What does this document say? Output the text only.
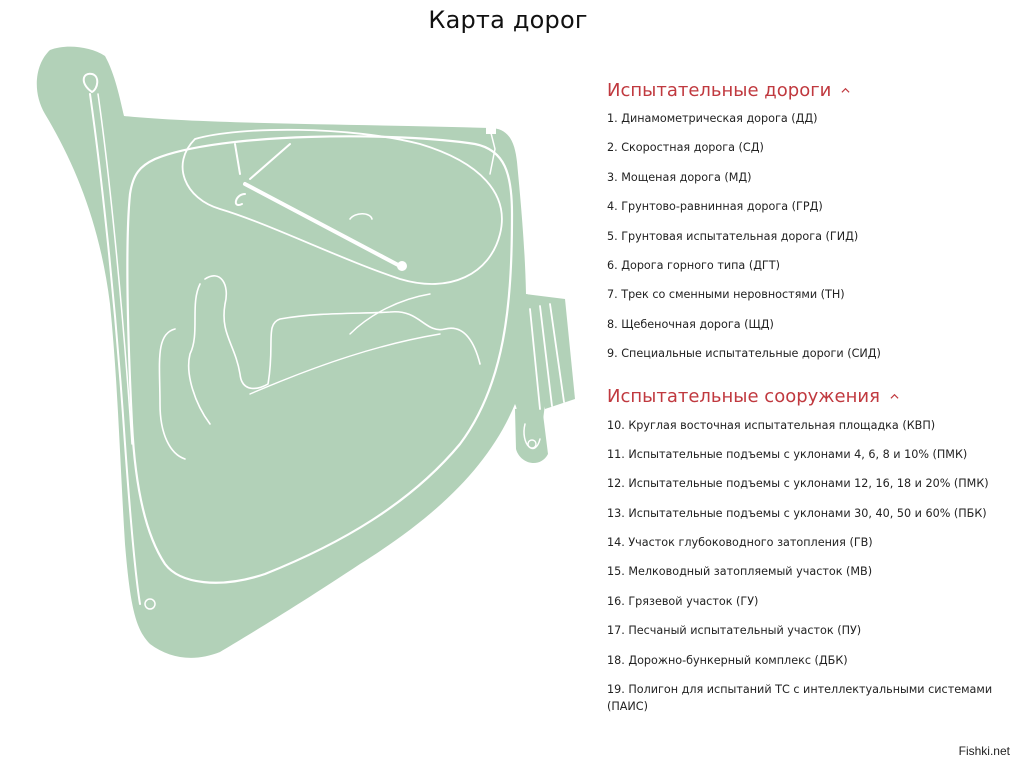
Карта дорог
Испытательные дороги
1. Динамометрическая дорога (ДД)
2. Скоростная дорога (СД)
3. Мощеная дорога (МД)
4. Грунтово-равнинная дорога (ГРД)
5. Грунтовая испытательная дорога (ГИД)
6. Дорога горного типа (ДГТ)
7. Трек со сменными неровностями (ТН)
8. Щебеночная дорога (ЩД)
9. Специальные испытательные дороги (СИД)
Испытательные сооружения
10. Круглая восточная испытательная площадка (КВП)
11. Испытательные подъемы с уклонами 4, 6, 8 и 10% (ПМК)
12. Испытательные подъемы с уклонами 12, 16, 18 и 20% (ПМК)
13. Испытательные подъемы с уклонами 30, 40, 50 и 60% (ПБК)
14. Участок глубоководного затопления (ГВ)
15. Мелководный затопляемый участок (МВ)
16. Грязевой участок (ГУ)
17. Песчаный испытательный участок (ПУ)
18. Дорожно-бункерный комплекс (ДБК)
19. Полигон для испытаний ТС с интеллектуальными системами (ПАИС)
Fishki.net
